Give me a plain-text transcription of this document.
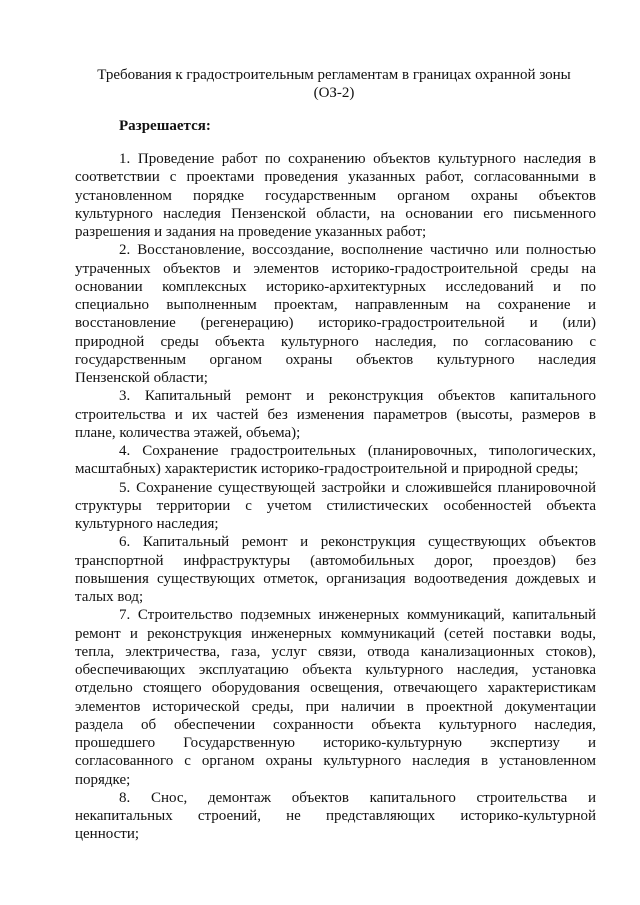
Требования к градостроительным регламентам в границах охранной зоны
(ОЗ-2)
Разрешается:
1. Проведение работ по сохранению объектов культурного наследия в
соответствии с проектами проведения указанных работ, согласованными в
установленном порядке государственным органом охраны объектов
культурного наследия Пензенской области, на основании его письменного
разрешения и задания на проведение указанных работ;
2. Восстановление, воссоздание, восполнение частично или полностью
утраченных объектов и элементов историко-градостроительной среды на
основании комплексных историко-архитектурных исследований и по
специально выполненным проектам, направленным на сохранение и
восстановление (регенерацию) историко-градостроительной и (или)
природной среды объекта культурного наследия, по согласованию с
государственным органом охраны объектов культурного наследия
Пензенской области;
3. Капитальный ремонт и реконструкция объектов капитального
строительства и их частей без изменения параметров (высоты, размеров в
плане, количества этажей, объема);
4. Сохранение градостроительных (планировочных, типологических,
масштабных) характеристик историко-градостроительной и природной среды;
5. Сохранение существующей застройки и сложившейся планировочной
структуры территории с учетом стилистических особенностей объекта
культурного наследия;
6. Капитальный ремонт и реконструкция существующих объектов
транспортной инфраструктуры (автомобильных дорог, проездов) без
повышения существующих отметок, организация водоотведения дождевых и
талых вод;
7. Строительство подземных инженерных коммуникаций, капитальный
ремонт и реконструкция инженерных коммуникаций (сетей поставки воды,
тепла, электричества, газа, услуг связи, отвода канализационных стоков),
обеспечивающих эксплуатацию объекта культурного наследия, установка
отдельно стоящего оборудования освещения, отвечающего характеристикам
элементов исторической среды, при наличии в проектной документации
раздела об обеспечении сохранности объекта культурного наследия,
прошедшего Государственную историко-культурную экспертизу и
согласованного с органом охраны культурного наследия в установленном
порядке;
8. Снос, демонтаж объектов капитального строительства и
некапитальных строений, не представляющих историко-культурной
ценности;
